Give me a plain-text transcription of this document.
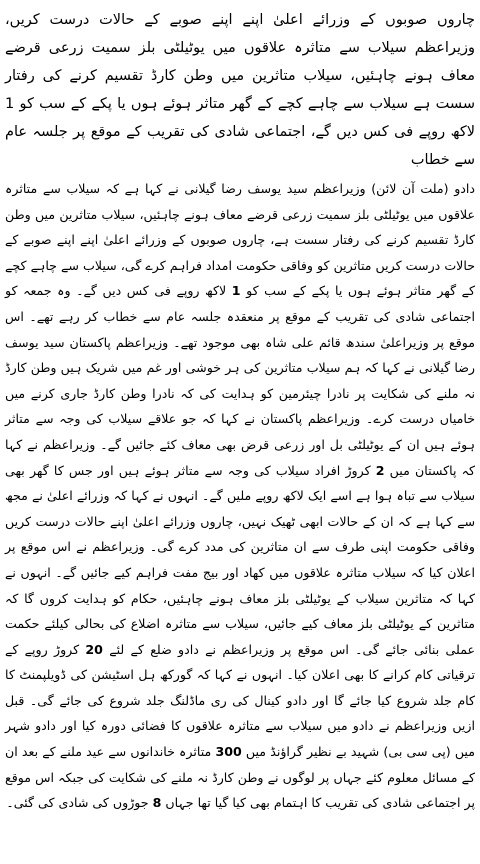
چاروں صوبوں کے وزرائے اعلیٰ اپنے اپنے صوبے کے حالات درست کریں، وزیراعظم سیلاب سے متاثرہ علاقوں میں یوٹیلٹی بلز سمیت زرعی قرضے معاف ہونے چاہئیں، سیلاب متاثرین میں وطن کارڈ تقسیم کرنے کی رفتار سست ہے سیلاب سے چاہے کچے کے گھر متاثر ہوئے ہوں یا پکے کے سب کو 1 لاکھ روپے فی کس دیں گے، اجتماعی شادی کی تقریب کے موقع پر جلسہ عام سے خطاب

دادو (ملت آن لائن) وزیراعظم سید یوسف رضا گیلانی نے کہا ہے کہ سیلاب سے متاثرہ علاقوں میں یوٹیلٹی بلز سمیت زرعی قرضے معاف ہونے چاہئیں، سیلاب متاثرین میں وطن کارڈ تقسیم کرنے کی رفتار سست ہے، چاروں صوبوں کے وزرائے اعلیٰ اپنے اپنے صوبے کے حالات درست کریں متاثرین کو وفاقی حکومت امداد فراہم کرے گی، سیلاب سے چاہے کچے کے گھر متاثر ہوئے ہوں یا پکے کے سب کو 1 لاکھ روپے فی کس دیں گے۔ وہ جمعہ کو اجتماعی شادی کی تقریب کے موقع پر منعقدہ جلسہ عام سے خطاب کر رہے تھے۔ اس موقع پر وزیراعلیٰ سندھ قائم علی شاہ بھی موجود تھے۔ وزیراعظم پاکستان سید یوسف رضا گیلانی نے کہا کہ ہم سیلاب متاثرین کی ہر خوشی اور غم میں شریک ہیں وطن کارڈ نہ ملنے کی شکایت پر نادرا چیئرمین کو ہدایت کی کہ نادرا وطن کارڈ جاری کرنے میں خامیاں درست کرے۔ وزیراعظم پاکستان نے کہا کہ جو علاقے سیلاب کی وجہ سے متاثر ہوئے ہیں ان کے یوٹیلٹی بل اور زرعی قرض بھی معاف کئے جائیں گے۔ وزیراعظم نے کہا کہ پاکستان میں 2 کروڑ افراد سیلاب کی وجہ سے متاثر ہوئے ہیں اور جس کا گھر بھی سیلاب سے تباہ ہوا ہے اسے ایک لاکھ روپے ملیں گے۔ انہوں نے کہا کہ وزرائے اعلیٰ نے مجھ سے کہا ہے کہ ان کے حالات ابھی ٹھیک نہیں، چاروں وزرائے اعلیٰ اپنے حالات درست کریں وفاقی حکومت اپنی طرف سے ان متاثرین کی مدد کرے گی۔ وزیراعظم نے اس موقع پر اعلان کیا کہ سیلاب متاثرہ علاقوں میں کھاد اور بیج مفت فراہم کیے جائیں گے۔ انہوں نے کہا کہ متاثرین سیلاب کے یوٹیلٹی بلز معاف ہونے چاہئیں، حکام کو ہدایت کروں گا کہ متاثرین کے یوٹیلٹی بلز معاف کیے جائیں، سیلاب سے متاثرہ اضلاع کی بحالی کیلئے حکمت عملی بنائی جائے گی۔ اس موقع پر وزیراعظم نے دادو ضلع کے لئے 20 کروڑ روپے کے ترقیاتی کام کرانے کا بھی اعلان کیا۔ انہوں نے کہا کہ گورکھ ہل اسٹیشن کی ڈویلپمنٹ کا کام جلد شروع کیا جائے گا اور دادو کینال کی ری ماڈلنگ جلد شروع کی جائے گی۔ قبل ازیں وزیراعظم نے دادو میں سیلاب سے متاثرہ علاقوں کا فضائی دورہ کیا اور دادو شہر میں (پی سی بی) شہید بے نظیر گراؤنڈ میں 300 متاثرہ خاندانوں سے عید ملنے کے بعد ان کے مسائل معلوم کئے جہاں پر لوگوں نے وطن کارڈ نہ ملنے کی شکایت کی جبکہ اس موقع پر اجتماعی شادی کی تقریب کا اہتمام بھی کیا گیا تھا جہاں 8 جوڑوں کی شادی کی گئی۔
